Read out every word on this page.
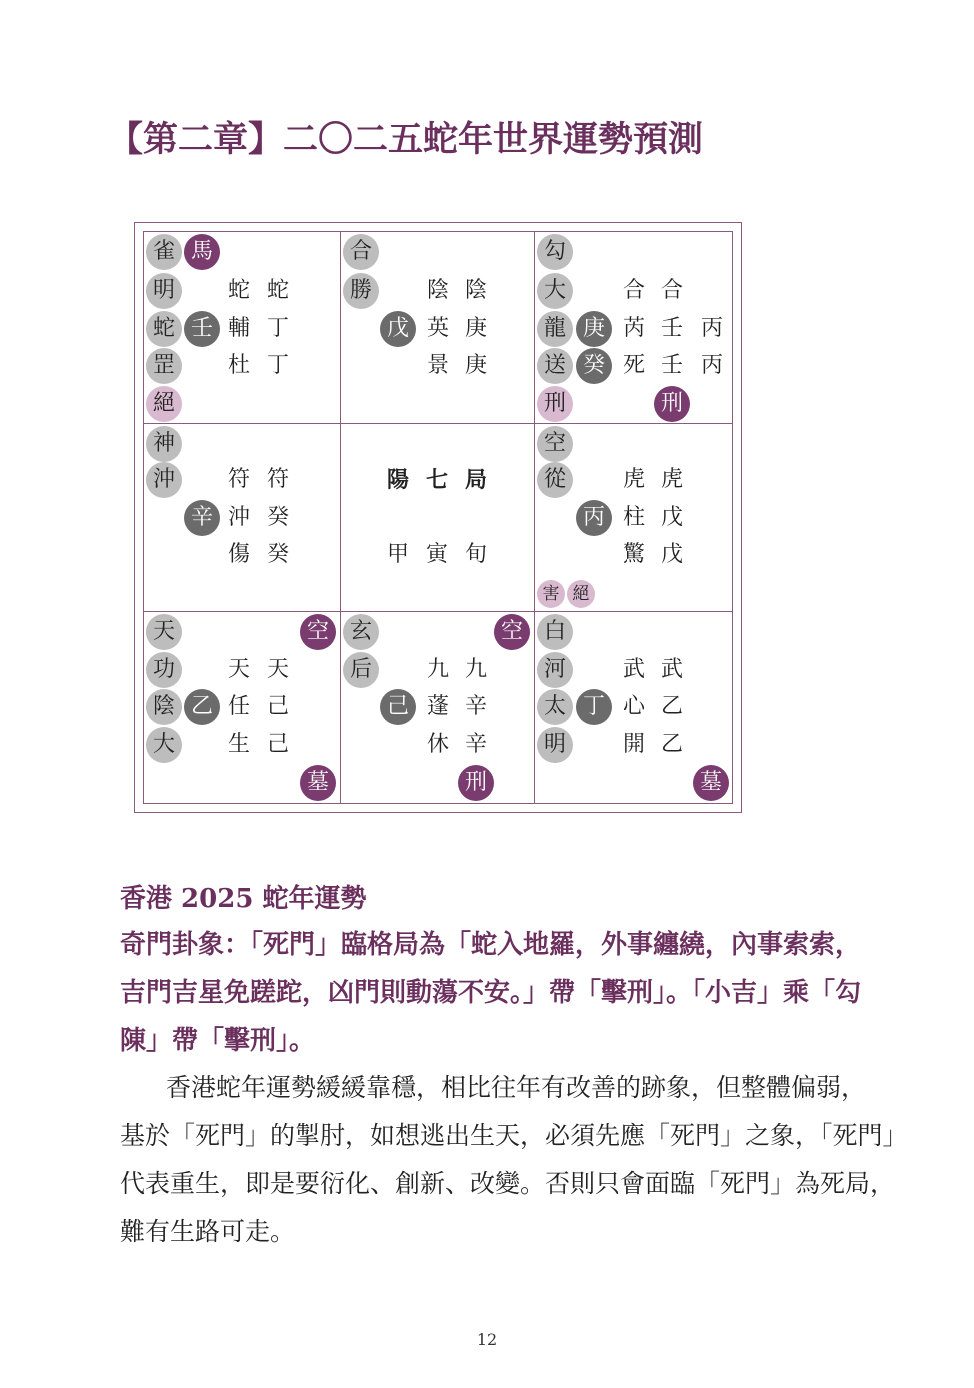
【第二章】二〇二五蛇年世界運勢預測
雀 馬
明	蛇 蛇
蛇 壬 輔 丁
罡	杜 丁
絕
合
勝	陰 陰
戊 英 庚
景 庚
勾
大	合 合
龍 庚 芮 壬 丙
送 癸 死 壬 丙
刑	刑
神
沖	符 符
辛 沖 癸
傷 癸
陽 七 局
甲 寅 旬
空
從	虎 虎
丙 柱 戊
驚 戊
害 絕
天	空
功	天 天
陰 乙 任 己
大	生 己
墓
玄	空
后	九 九
己 蓬 辛
休 辛
刑
白
河	武 武
太 丁 心 乙
明	開 乙
墓
香港 2025 蛇年運勢
奇門卦象：「死門」臨格局為「蛇入地羅，外事纏繞，內事索索，
吉門吉星免蹉跎，凶門則動蕩不安。」帶「擊刑」。「小吉」乘「勾
陳」帶「擊刑」。
香港蛇年運勢緩緩靠穩，相比往年有改善的跡象，但整體偏弱，
基於「死門」的掣肘，如想逃出生天，必須先應「死門」之象，「死門」
代表重生，即是要衍化、創新、改變。否則只會面臨「死門」為死局，
難有生路可走。
12
